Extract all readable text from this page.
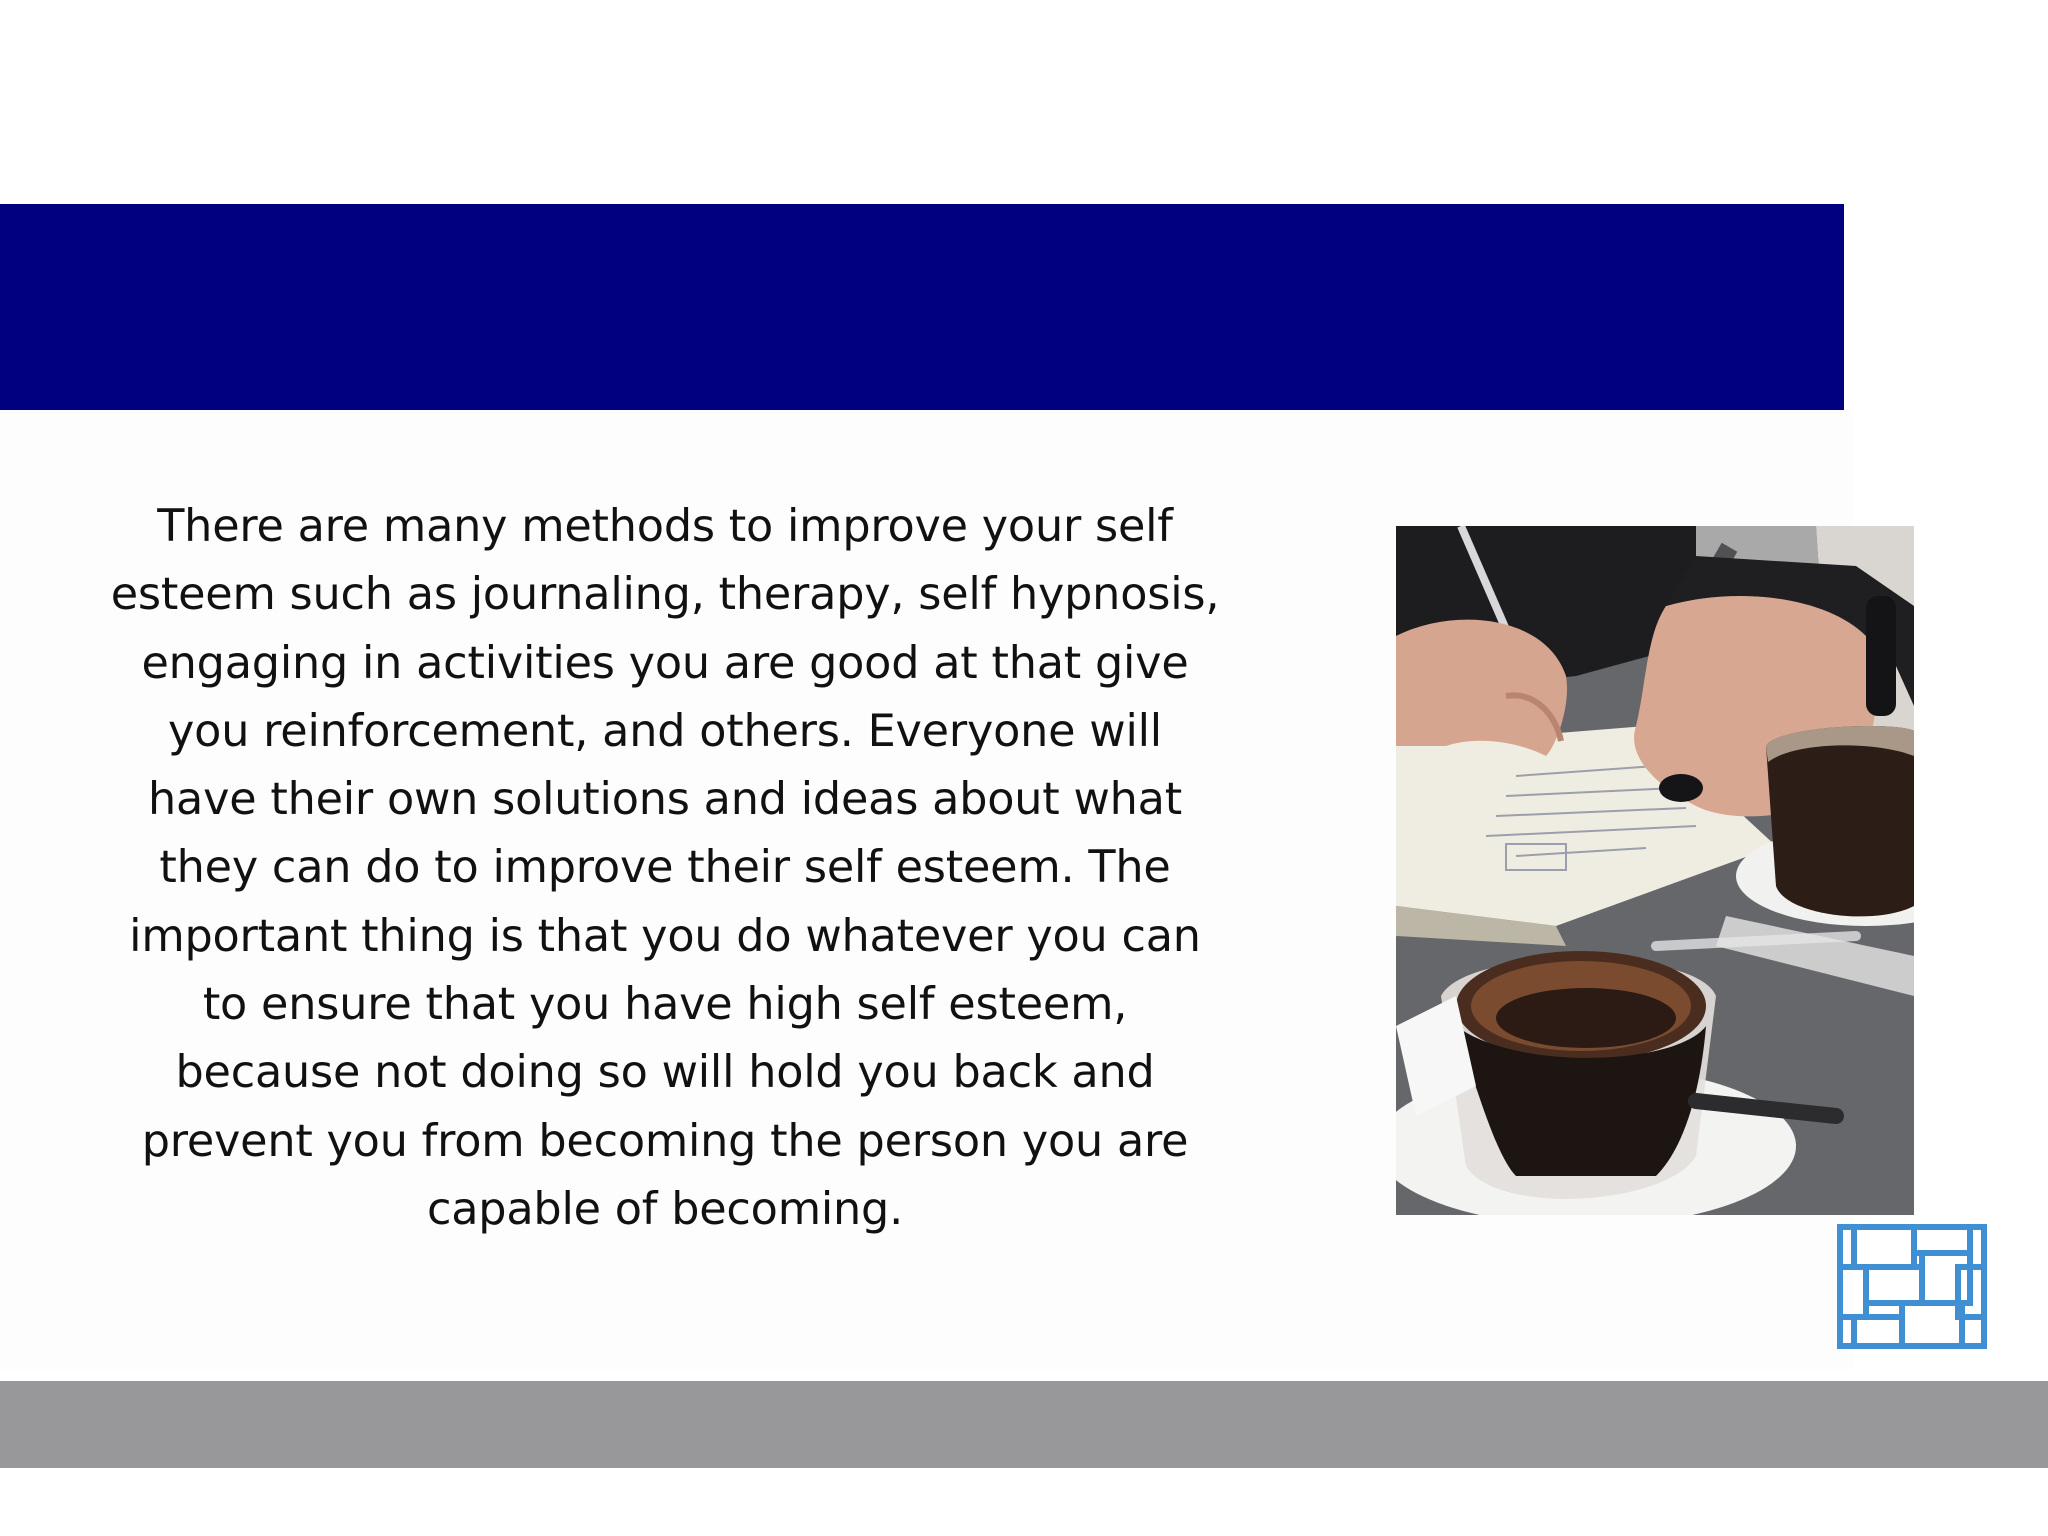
There are many methods to improve your self esteem such as journaling, therapy, self hypnosis, engaging in activities you are good at that give you reinforcement, and others. Everyone will have their own solutions and ideas about what they can do to improve their self esteem. The important thing is that you do whatever you can to ensure that you have high self esteem, because not doing so will hold you back and prevent you from becoming the person you are capable of becoming.
